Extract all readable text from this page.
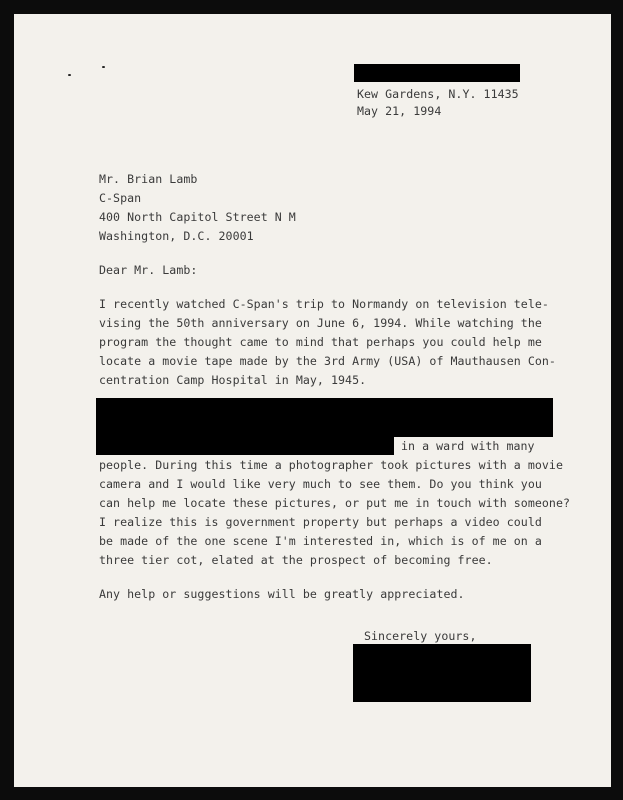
Kew Gardens, N.Y. 11435
May 21, 1994
Mr. Brian Lamb
C-Span
400 North Capitol Street N M
Washington, D.C. 20001
Dear Mr. Lamb:
I recently watched C-Span's trip to Normandy on television tele-
vising the 50th anniversary on June 6, 1994. While watching the
program the thought came to mind that perhaps you could help me
locate a movie tape made by the 3rd Army (USA) of Mauthausen Con-
centration Camp Hospital in May, 1945.
in a ward with many
people. During this time a photographer took pictures with a movie
camera and I would like very much to see them. Do you think you
can help me locate these pictures, or put me in touch with someone?
I realize this is government property but perhaps a video could
be made of the one scene I'm interested in, which is of me on a
three tier cot, elated at the prospect of becoming free.
Any help or suggestions will be greatly appreciated.
Sincerely yours,
